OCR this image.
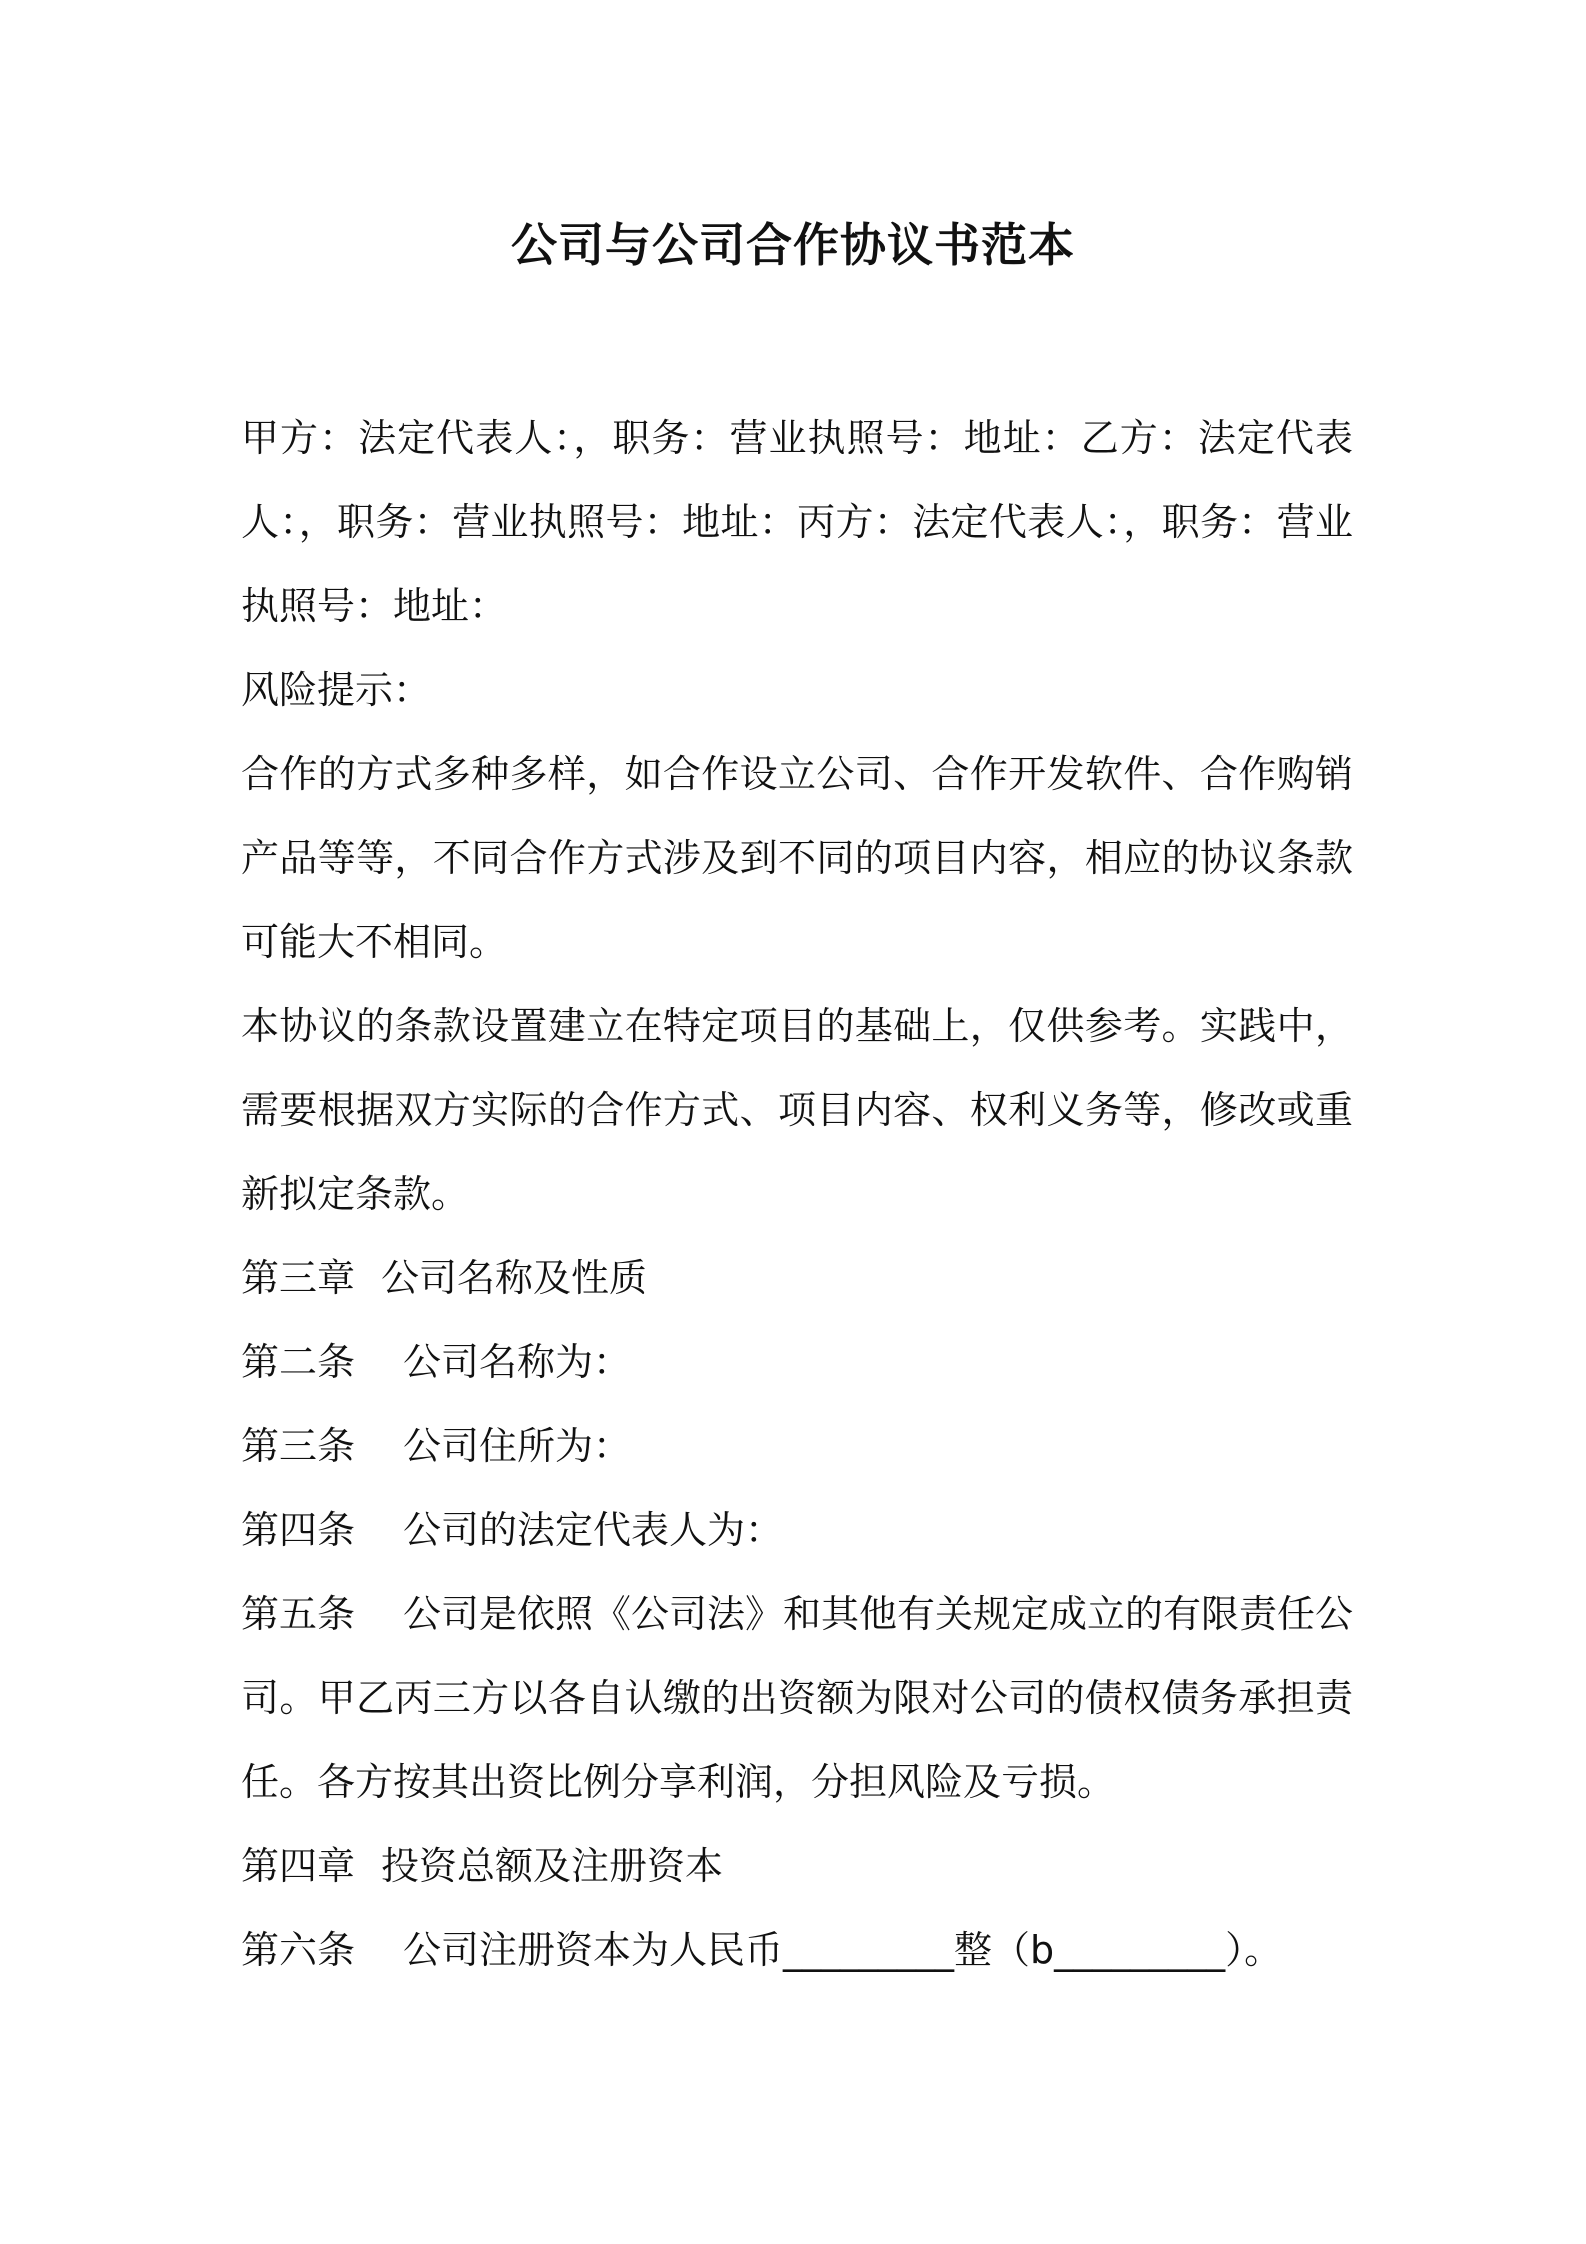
公司与公司合作协议书范本

甲方：法定代表人：，职务：营业执照号：地址：乙方：法定代表人：，职务：营业执照号：地址：丙方：法定代表人：，职务：营业执照号：地址：

风险提示：

合作的方式多种多样，如合作设立公司、合作开发软件、合作购销产品等等，不同合作方式涉及到不同的项目内容，相应的协议条款可能大不相同。

本协议的条款设置建立在特定项目的基础上，仅供参考。实践中，需要根据双方实际的合作方式、项目内容、权利义务等，修改或重新拟定条款。

第三章 公司名称及性质

第二条 公司名称为：

第三条 公司住所为：

第四条 公司的法定代表人为：

第五条 公司是依照《公司法》和其他有关规定成立的有限责任公司。甲乙丙三方以各自认缴的出资额为限对公司的债权债务承担责任。各方按其出资比例分享利润，分担风险及亏损。

第四章 投资总额及注册资本

第六条 公司注册资本为人民币_________整（b_________）。
